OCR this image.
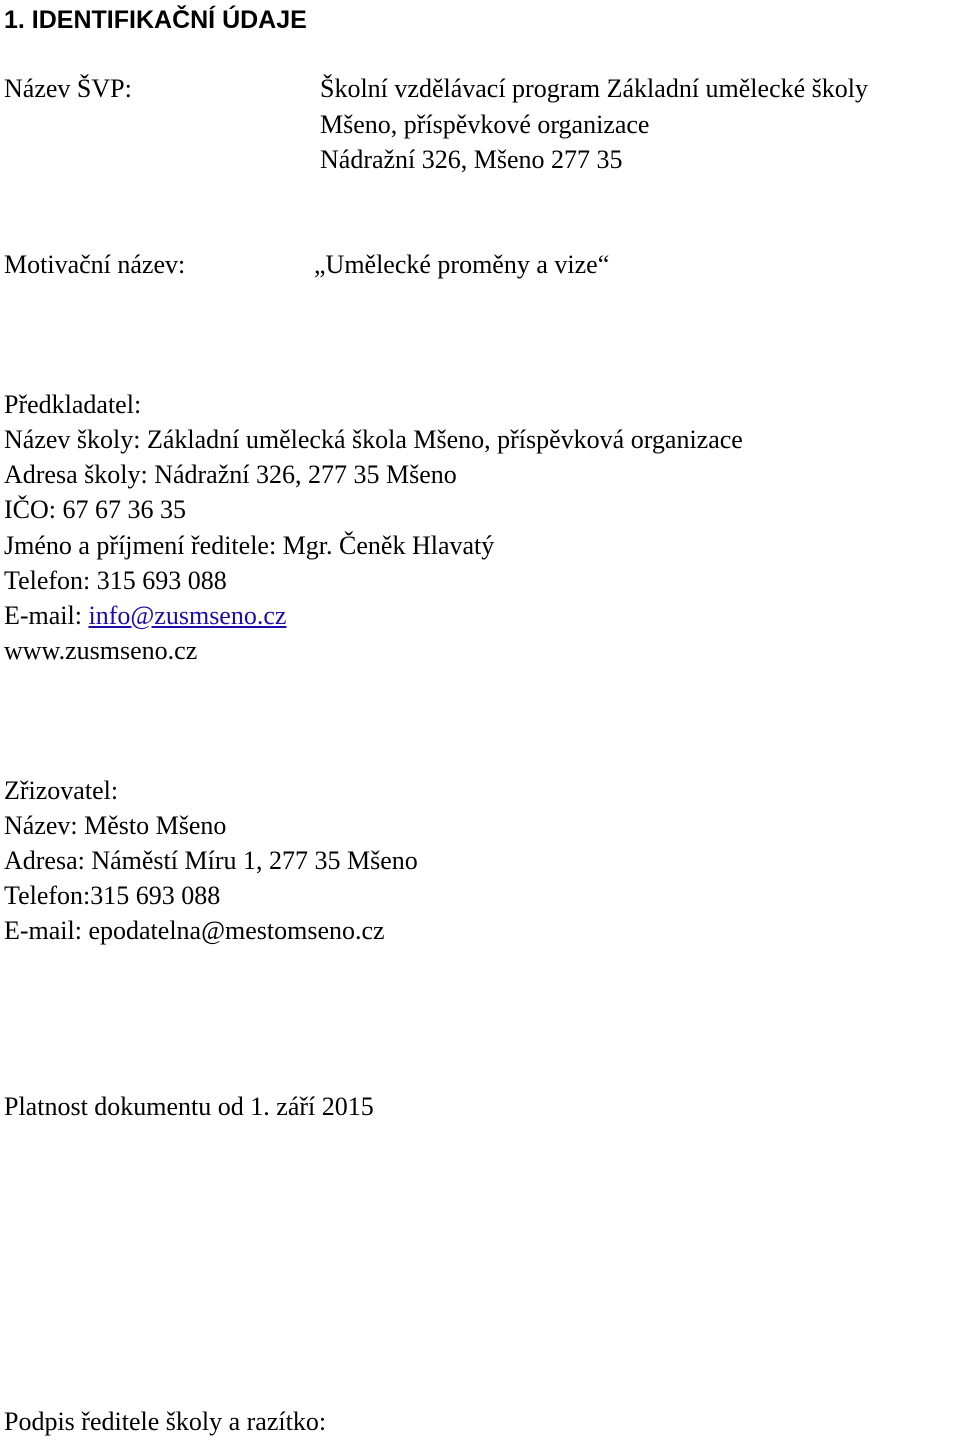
1. IDENTIFIKAČNÍ ÚDAJE
Název ŠVP:	Školní vzdělávací program Základní umělecké školy
Mšeno, příspěvkové organizace
Nádražní 326, Mšeno 277 35
Motivační název:	„Umělecké proměny a vize“
Předkladatel:
Název školy: Základní umělecká škola Mšeno, příspěvková organizace
Adresa školy: Nádražní 326, 277 35 Mšeno
IČO: 67 67 36 35
Jméno a příjmení ředitele: Mgr. Čeněk Hlavatý
Telefon: 315 693 088
E-mail: info@zusmseno.cz
www.zusmseno.cz
Zřizovatel:
Název: Město Mšeno
Adresa: Náměstí Míru 1, 277 35 Mšeno
Telefon:315 693 088
E-mail: epodatelna@mestomseno.cz
Platnost dokumentu od 1. září 2015
Podpis ředitele školy a razítko:
